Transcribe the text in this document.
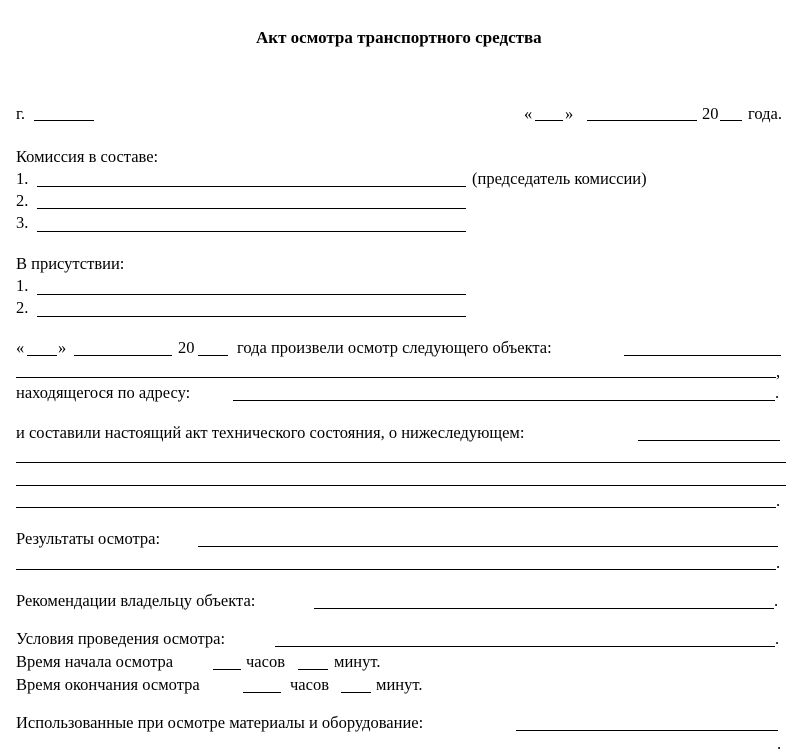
Акт осмотра транспортного средства
г.	« »	20 года.
Комиссия в составе:
1.	(председатель комиссии)
2.
3.
В присутствии:
1.
2.
« »	20	года произвели осмотр следующего объекта:
,
находящегося по адресу:	.
и составили настоящий акт технического состояния, о нижеследующем:
.
Результаты осмотра:
.
Рекомендации владельцу объекта:	.
Условия проведения осмотра:	.
Время начала осмотра	часов	минут.
Время окончания осмотра	часов	минут.
Использованные при осмотре материалы и оборудование:
.
